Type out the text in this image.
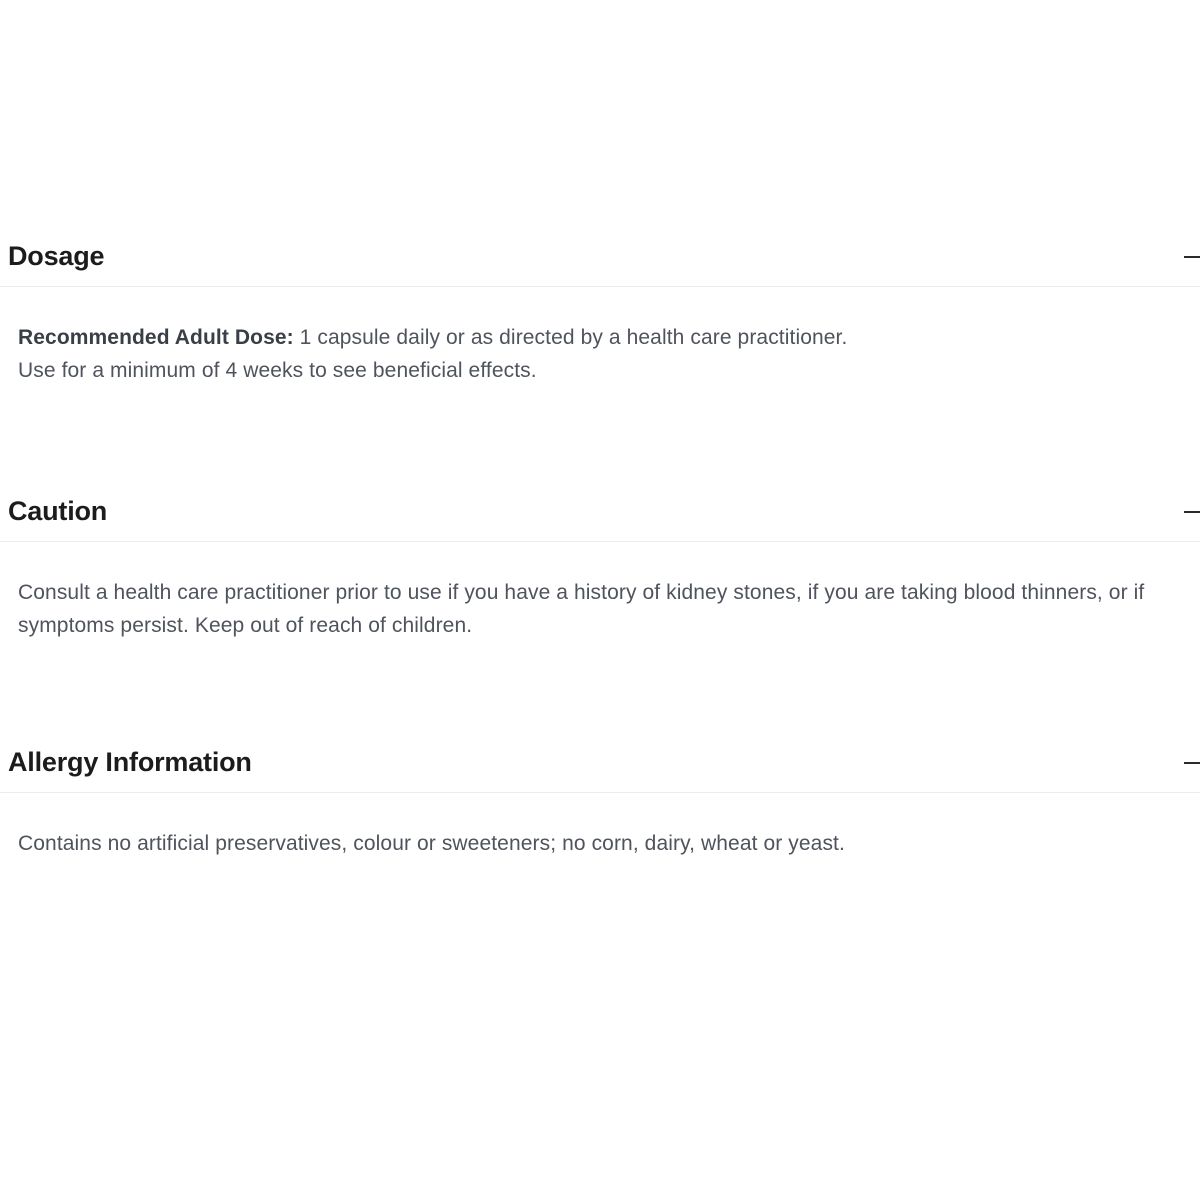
Dosage
Recommended Adult Dose: 1 capsule daily or as directed by a health care practitioner.
Use for a minimum of 4 weeks to see beneficial effects.
Caution
Consult a health care practitioner prior to use if you have a history of kidney stones, if you are taking blood thinners, or if symptoms persist. Keep out of reach of children.
Allergy Information
Contains no artificial preservatives, colour or sweeteners; no corn, dairy, wheat or yeast.
